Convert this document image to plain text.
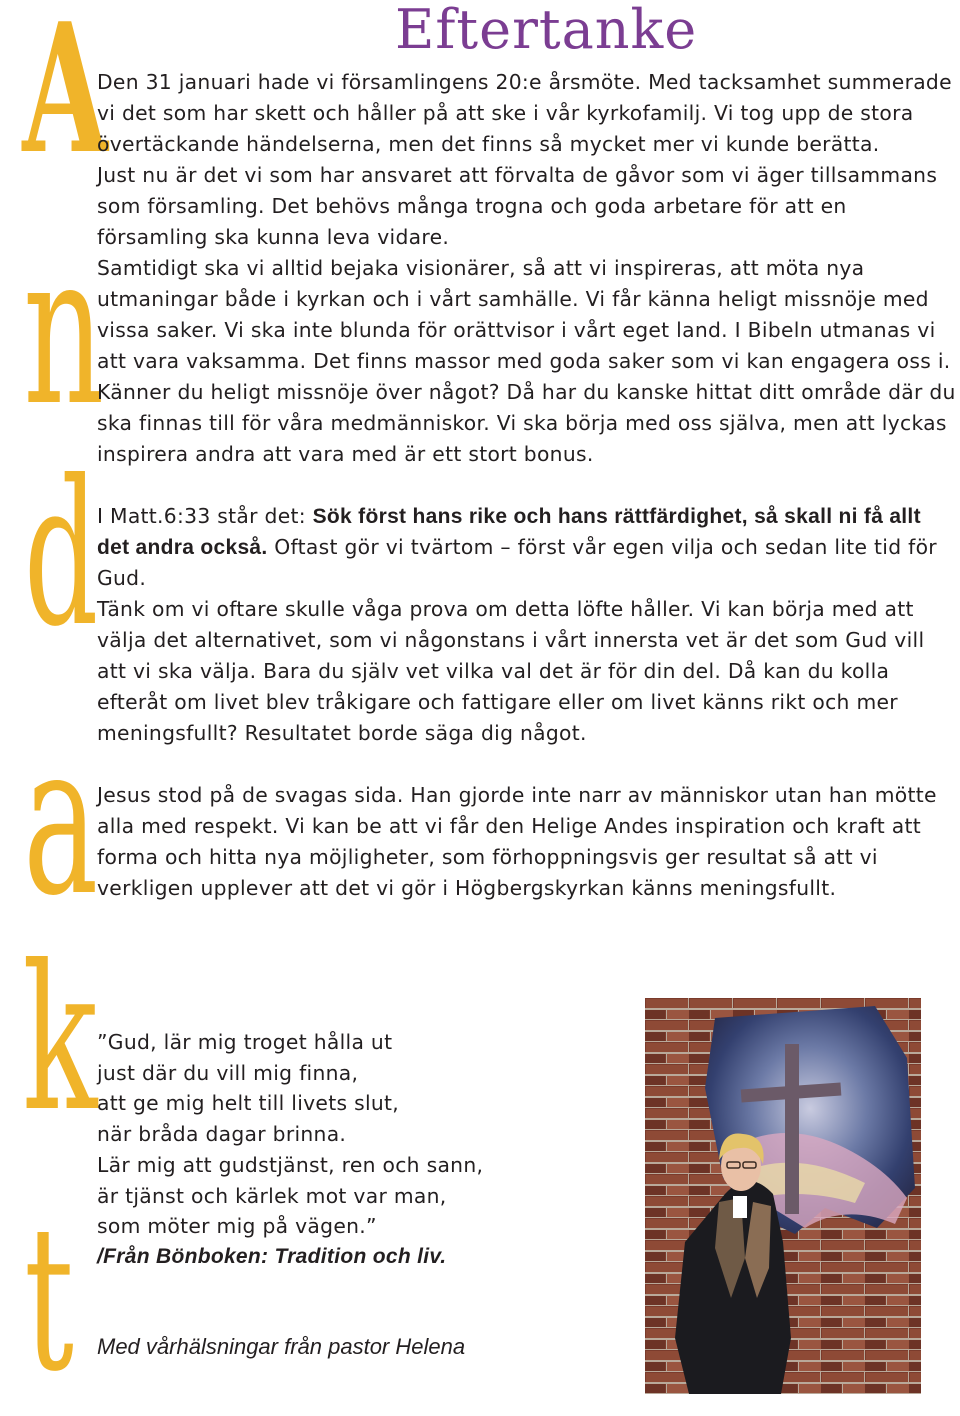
A
n
d
a
k
t
Eftertanke

Den 31 januari hade vi församlingens 20:e årsmöte. Med tacksamhet summerade vi det som har skett och håller på att ske i vår kyrkofamilj. Vi tog upp de stora övertäckande händelserna, men det finns så mycket mer vi kunde berätta.

Just nu är det vi som har ansvaret att förvalta de gåvor som vi äger tillsammans som församling. Det behövs många trogna och goda arbetare för att en församling ska kunna leva vidare.

Samtidigt ska vi alltid bejaka visionärer, så att vi inspireras, att möta nya utmaningar både i kyrkan och i vårt samhälle. Vi får känna heligt missnöje med vissa saker. Vi ska inte blunda för orättvisor i vårt eget land. I Bibeln utmanas vi att vara vaksamma. Det finns massor med goda saker som vi kan engagera oss i. Känner du heligt missnöje över något? Då har du kanske hittat ditt område där du ska finnas till för våra medmänniskor. Vi ska börja med oss själva, men att lyckas inspirera andra att vara med är ett stort bonus.

I Matt.6:33 står det: Sök först hans rike och hans rättfärdighet, så skall ni få allt det andra också. Oftast gör vi tvärtom – först vår egen vilja och sedan lite tid för Gud.

Tänk om vi oftare skulle våga prova om detta löfte håller. Vi kan börja med att välja det alternativet, som vi någonstans i vårt innersta vet är det som Gud vill att vi ska välja. Bara du själv vet vilka val det är för din del. Då kan du kolla efteråt om livet blev tråkigare och fattigare eller om livet känns rikt och mer meningsfullt? Resultatet borde säga dig något.

Jesus stod på de svagas sida. Han gjorde inte narr av människor utan han mötte alla med respekt. Vi kan be att vi får den Helige Andes inspiration och kraft att forma och hitta nya möjligheter, som förhoppningsvis ger resultat så att vi verkligen upplever att det vi gör i Högbergskyrkan känns meningsfullt.

”Gud, lär mig troget hålla ut
just där du vill mig finna,
att ge mig helt till livets slut,
när bråda dagar brinna.
Lär mig att gudstjänst, ren och sann,
är tjänst och kärlek mot var man,
som möter mig på vägen.”
/Från Bönboken: Tradition och liv.

Med vårhälsningar från pastor Helena
